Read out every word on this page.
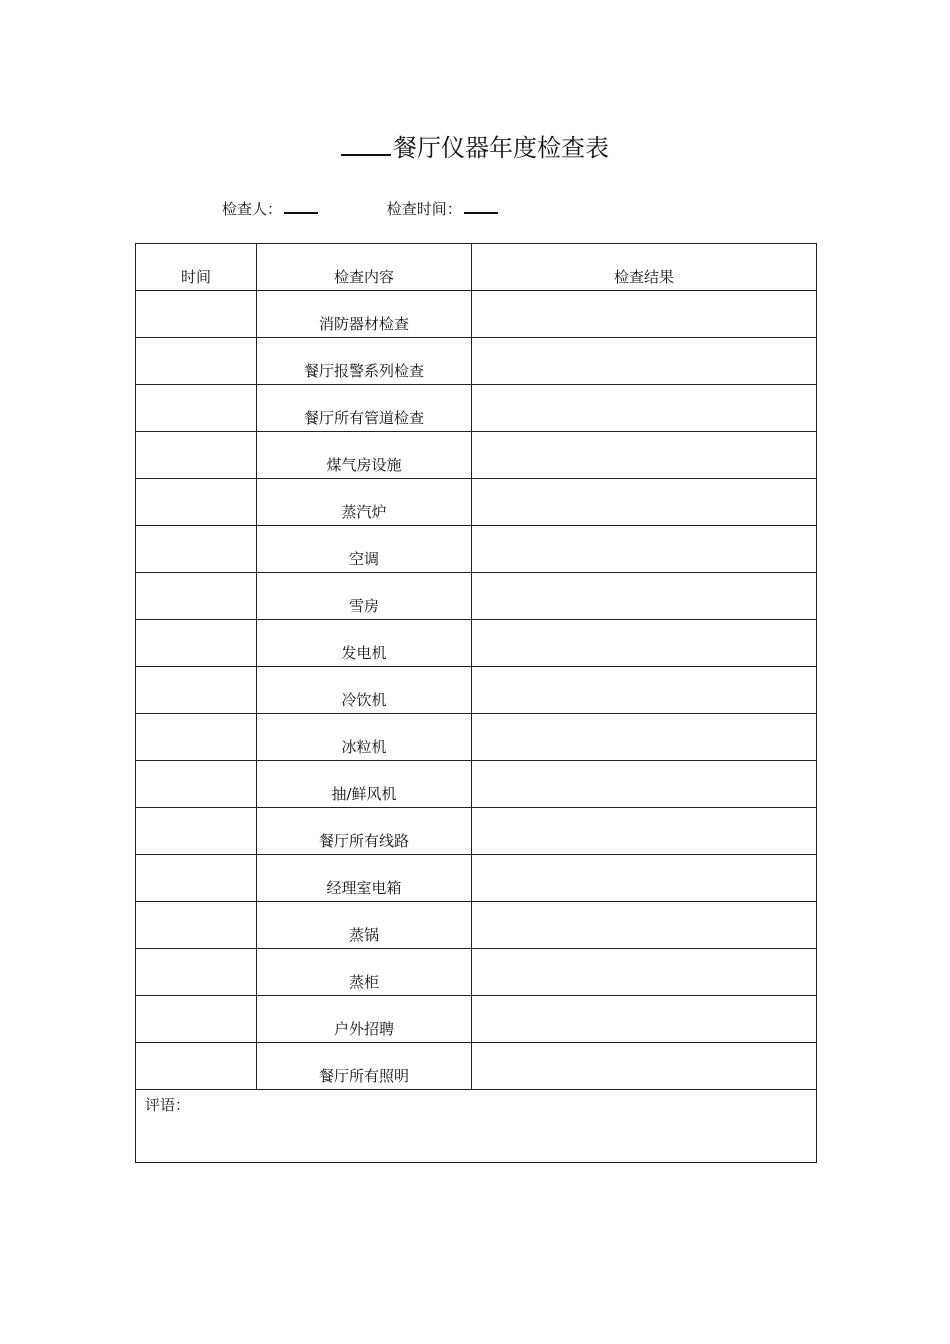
餐厅仪器年度检查表
检查人：	检查时间：
时间	检查内容	检查结果

	消防器材检查	

	餐厅报警系列检查	

	餐厅所有管道检查	

	煤气房设施	

	蒸汽炉	

	空调	

	雪房	

	发电机	

	冷饮机	

	冰粒机	

	抽/鲜风机	

	餐厅所有线路	

	经理室电箱	

	蒸锅	

	蒸柜	

	户外招聘	

	餐厅所有照明	

评语：		
